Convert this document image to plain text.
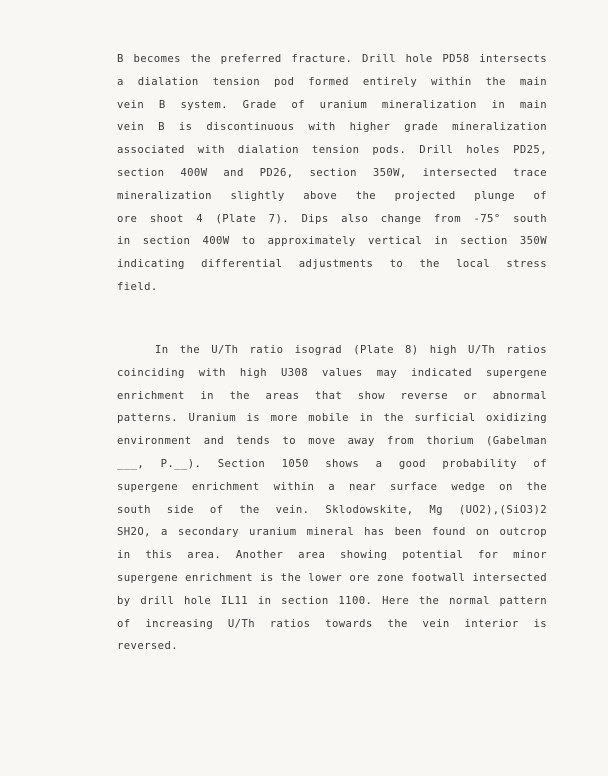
B becomes the preferred fracture. Drill hole PD58 intersects
a dialation tension pod formed entirely within the main
vein B system. Grade of uranium mineralization in main
vein B is discontinuous with higher grade mineralization
associated with dialation tension pods. Drill holes PD25,
section 400W and PD26, section 350W, intersected trace
mineralization slightly above the projected plunge of
ore shoot 4 (Plate 7). Dips also change from -75° south
in section 400W to approximately vertical in section 350W
indicating differential adjustments to the local stress
field.
In the U/Th ratio isograd (Plate 8) high U/Th ratios
coinciding with high U308 values may indicated supergene
enrichment in the areas that show reverse or abnormal
patterns. Uranium is more mobile in the surficial oxidizing
environment and tends to move away from thorium (Gabelman
___, P.__). Section 1050 shows a good probability of
supergene enrichment within a near surface wedge on the
south side of the vein. Sklodowskite, Mg (UO2),(SiO3)2
SH2O, a secondary uranium mineral has been found on outcrop
in this area. Another area showing potential for minor
supergene enrichment is the lower ore zone footwall intersected
by drill hole IL11 in section 1100. Here the normal pattern
of increasing U/Th ratios towards the vein interior is
reversed.
